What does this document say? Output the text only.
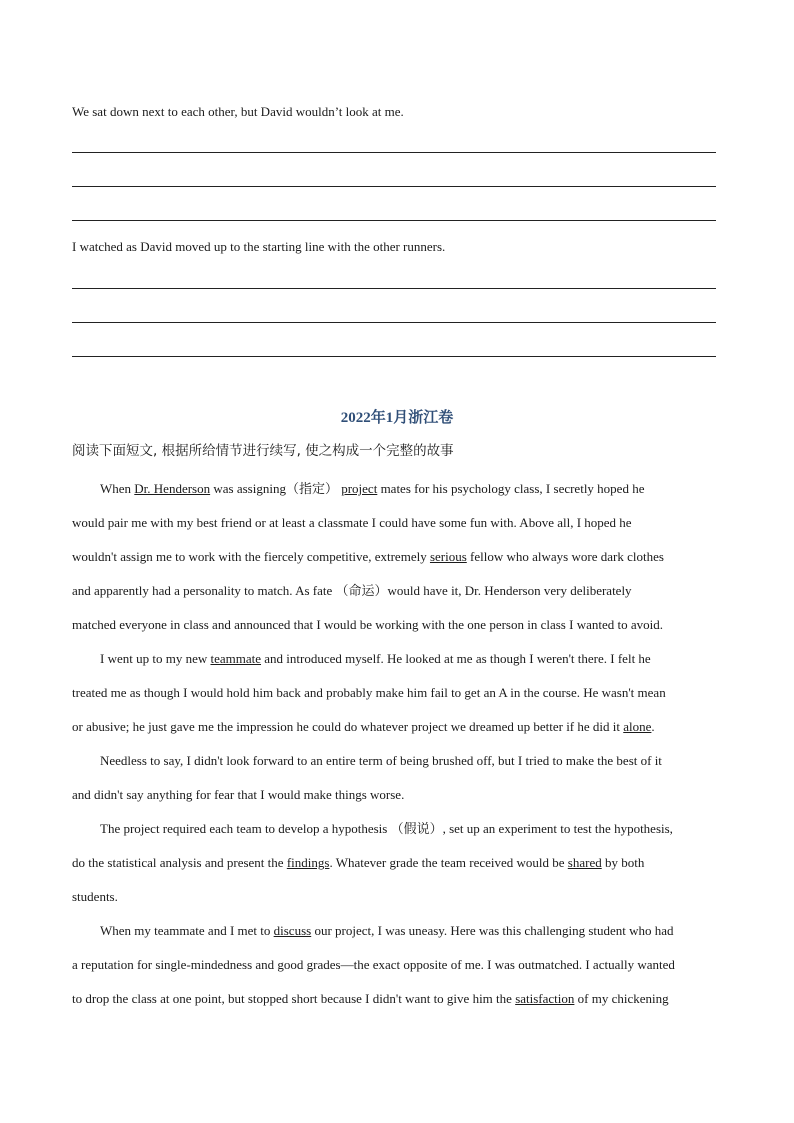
We sat down next to each other, but David wouldn’t look at me.
I watched as David moved up to the starting line with the other runners.
2022年1月浙江卷
阅读下面短文, 根据所给情节进行续写, 使之构成一个完整的故事
When Dr. Henderson was assigning（指定） project mates for his psychology class, I secretly hoped he
would pair me with my best friend or at least a classmate I could have some fun with. Above all, I hoped he
wouldn't assign me to work with the fiercely competitive, extremely serious fellow who always wore dark clothes
and apparently had a personality to match. As fate （命运）would have it, Dr. Henderson very deliberately
matched everyone in class and announced that I would be working with the one person in class I wanted to avoid.
I went up to my new teammate and introduced myself. He looked at me as though I weren't there. I felt he
treated me as though I would hold him back and probably make him fail to get an A in the course. He wasn't mean
or abusive; he just gave me the impression he could do whatever project we dreamed up better if he did it alone.
Needless to say, I didn't look forward to an entire term of being brushed off, but I tried to make the best of it
and didn't say anything for fear that I would make things worse.
The project required each team to develop a hypothesis （假说）, set up an experiment to test the hypothesis,
do the statistical analysis and present the findings. Whatever grade the team received would be shared by both
students.
When my teammate and I met to discuss our project, I was uneasy. Here was this challenging student who had
a reputation for single-mindedness and good grades—the exact opposite of me. I was outmatched. I actually wanted
to drop the class at one point, but stopped short because I didn't want to give him the satisfaction of my chickening
